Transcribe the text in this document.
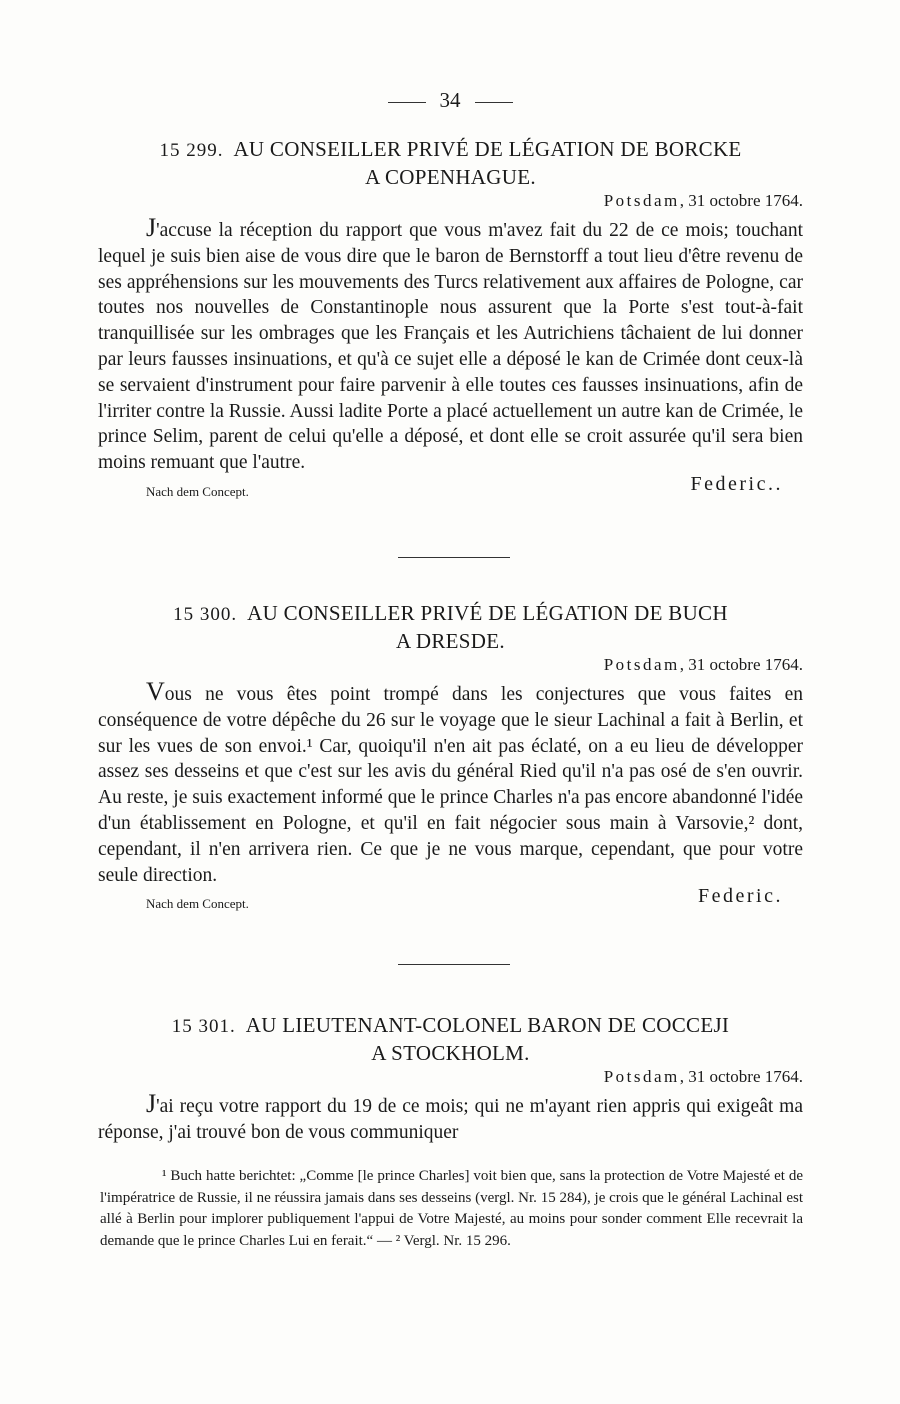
34
15 299. AU CONSEILLER PRIVÉ DE LÉGATION DE BORCKE
A COPENHAGUE.
Potsdam, 31 octobre 1764.

J'accuse la réception du rapport que vous m'avez fait du 22 de ce mois; touchant lequel je suis bien aise de vous dire que le baron de Bernstorff a tout lieu d'être revenu de ses appréhensions sur les mouvements des Turcs relativement aux affaires de Pologne, car toutes nos nouvelles de Constantinople nous assurent que la Porte s'est tout-à-fait tranquillisée sur les ombrages que les Français et les Autrichiens tâchaient de lui donner par leurs fausses insinuations, et qu'à ce sujet elle a déposé le kan de Crimée dont ceux-là se servaient d'instrument pour faire parvenir à elle toutes ces fausses insinuations, afin de l'irriter contre la Russie. Aussi ladite Porte a placé actuellement un autre kan de Crimée, le prince Selim, parent de celui qu'elle a déposé, et dont elle se croit assurée qu'il sera bien moins remuant que l'autre.

Nach dem Concept.	Federic..
15 300. AU CONSEILLER PRIVÉ DE LÉGATION DE BUCH
A DRESDE.
Potsdam, 31 octobre 1764.

Vous ne vous êtes point trompé dans les conjectures que vous faites en conséquence de votre dépêche du 26 sur le voyage que le sieur Lachinal a fait à Berlin, et sur les vues de son envoi.¹ Car, quoiqu'il n'en ait pas éclaté, on a eu lieu de développer assez ses desseins et que c'est sur les avis du général Ried qu'il n'a pas osé de s'en ouvrir. Au reste, je suis exactement informé que le prince Charles n'a pas encore abandonné l'idée d'un établissement en Pologne, et qu'il en fait négocier sous main à Varsovie,² dont, cependant, il n'en arrivera rien. Ce que je ne vous marque, cependant, que pour votre seule direction.

Nach dem Concept.	Federic.
15 301. AU LIEUTENANT-COLONEL BARON DE COCCEJI
A STOCKHOLM.
Potsdam, 31 octobre 1764.

J'ai reçu votre rapport du 19 de ce mois; qui ne m'ayant rien appris qui exigeât ma réponse, j'ai trouvé bon de vous communiquer

¹ Buch hatte berichtet: „Comme [le prince Charles] voit bien que, sans la protection de Votre Majesté et de l'impératrice de Russie, il ne réussira jamais dans ses desseins (vergl. Nr. 15 284), je crois que le général Lachinal est allé à Berlin pour implorer publiquement l'appui de Votre Majesté, au moins pour sonder comment Elle recevrait la demande que le prince Charles Lui en ferait.“ — ² Vergl. Nr. 15 296.
